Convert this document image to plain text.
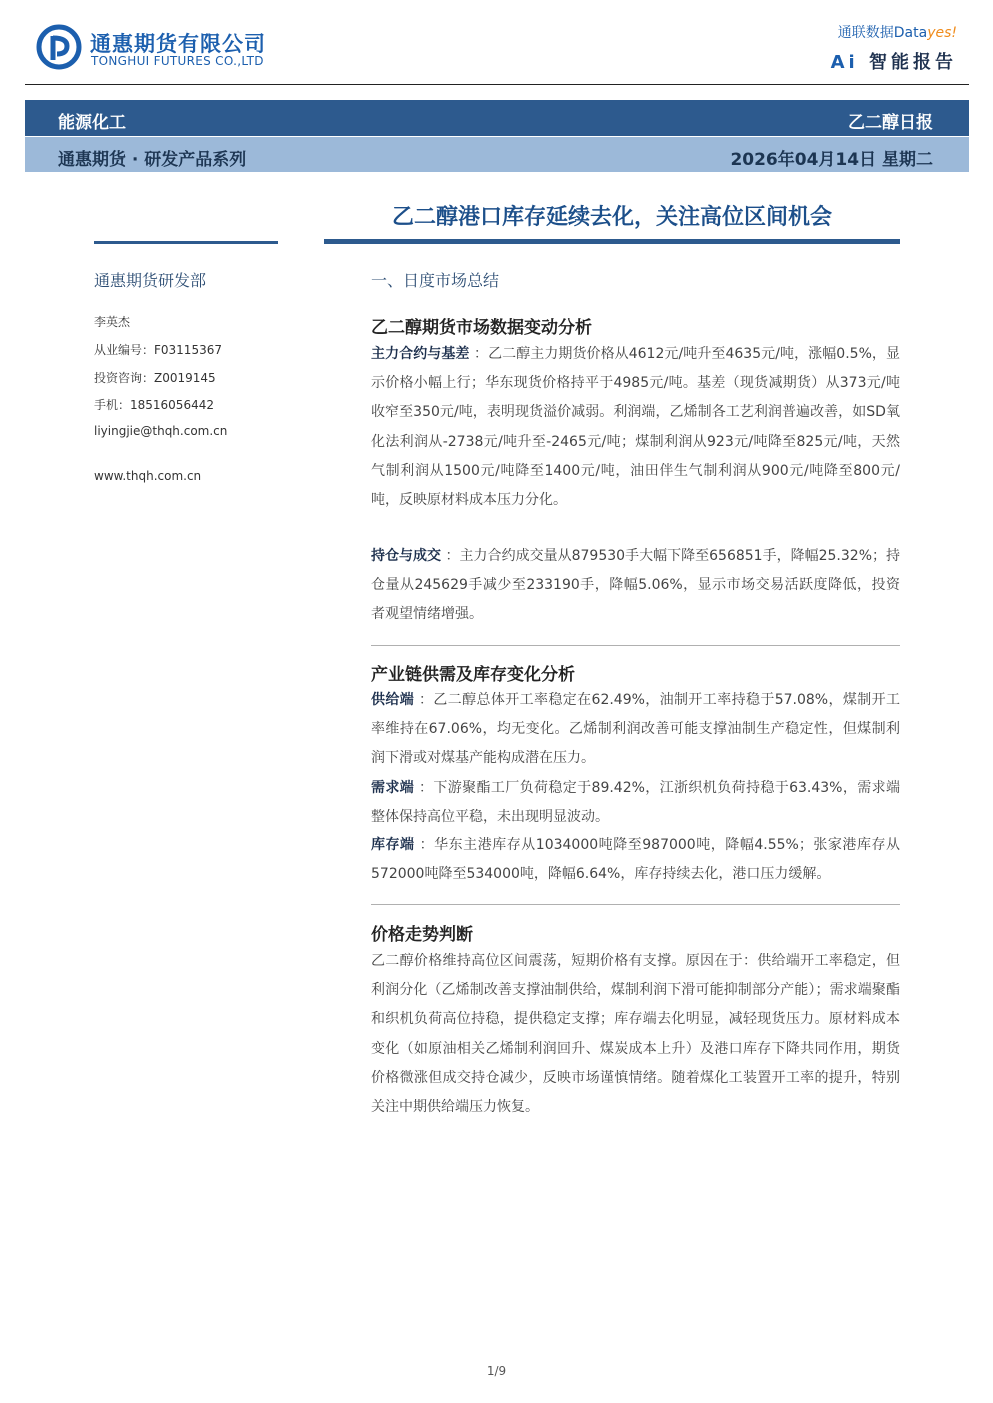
通惠期货有限公司
TONGHUI FUTURES CO.,LTD
通联数据Datayes!
Ai 智能报告
能源化工	乙二醇日报
通惠期货 · 研发产品系列	2026年04月14日 星期二
乙二醇港口库存延续去化，关注高位区间机会
通惠期货研发部
李英杰
从业编号：F03115367
投资咨询：Z0019145
手机：18516056442
liyingjie@thqh.com.cn
www.thqh.com.cn
一、日度市场总结
乙二醇期货市场数据变动分析
主力合约与基差 ：乙二醇主力期货价格从4612元/吨升至4635元/吨，涨幅0.5%，显示价格小幅上行；华东现货价格持平于4985元/吨。基差（现货减期货）从373元/吨收窄至350元/吨，表明现货溢价减弱。利润端，乙烯制各工艺利润普遍改善，如SD氧化法利润从-2738元/吨升至-2465元/吨；煤制利润从923元/吨降至825元/吨，天然气制利润从1500元/吨降至1400元/吨，油田伴生气制利润从900元/吨降至800元/吨，反映原材料成本压力分化。
持仓与成交 ：主力合约成交量从879530手大幅下降至656851手，降幅25.32%；持仓量从245629手减少至233190手，降幅5.06%，显示市场交易活跃度降低，投资者观望情绪增强。
产业链供需及库存变化分析
供给端 ：乙二醇总体开工率稳定在62.49%，油制开工率持稳于57.08%，煤制开工率维持在67.06%，均无变化。乙烯制利润改善可能支撑油制生产稳定性，但煤制利润下滑或对煤基产能构成潜在压力。
需求端 ：下游聚酯工厂负荷稳定于89.42%，江浙织机负荷持稳于63.43%，需求端整体保持高位平稳，未出现明显波动。
库存端 ：华东主港库存从1034000吨降至987000吨，降幅4.55%；张家港库存从572000吨降至534000吨，降幅6.64%，库存持续去化，港口压力缓解。
价格走势判断
乙二醇价格维持高位区间震荡，短期价格有支撑。原因在于：供给端开工率稳定，但利润分化（乙烯制改善支撑油制供给，煤制利润下滑可能抑制部分产能）；需求端聚酯和织机负荷高位持稳，提供稳定支撑；库存端去化明显，减轻现货压力。原材料成本变化（如原油相关乙烯制利润回升、煤炭成本上升）及港口库存下降共同作用，期货价格微涨但成交持仓减少，反映市场谨慎情绪。随着煤化工装置开工率的提升，特别关注中期供给端压力恢复。
1/9
